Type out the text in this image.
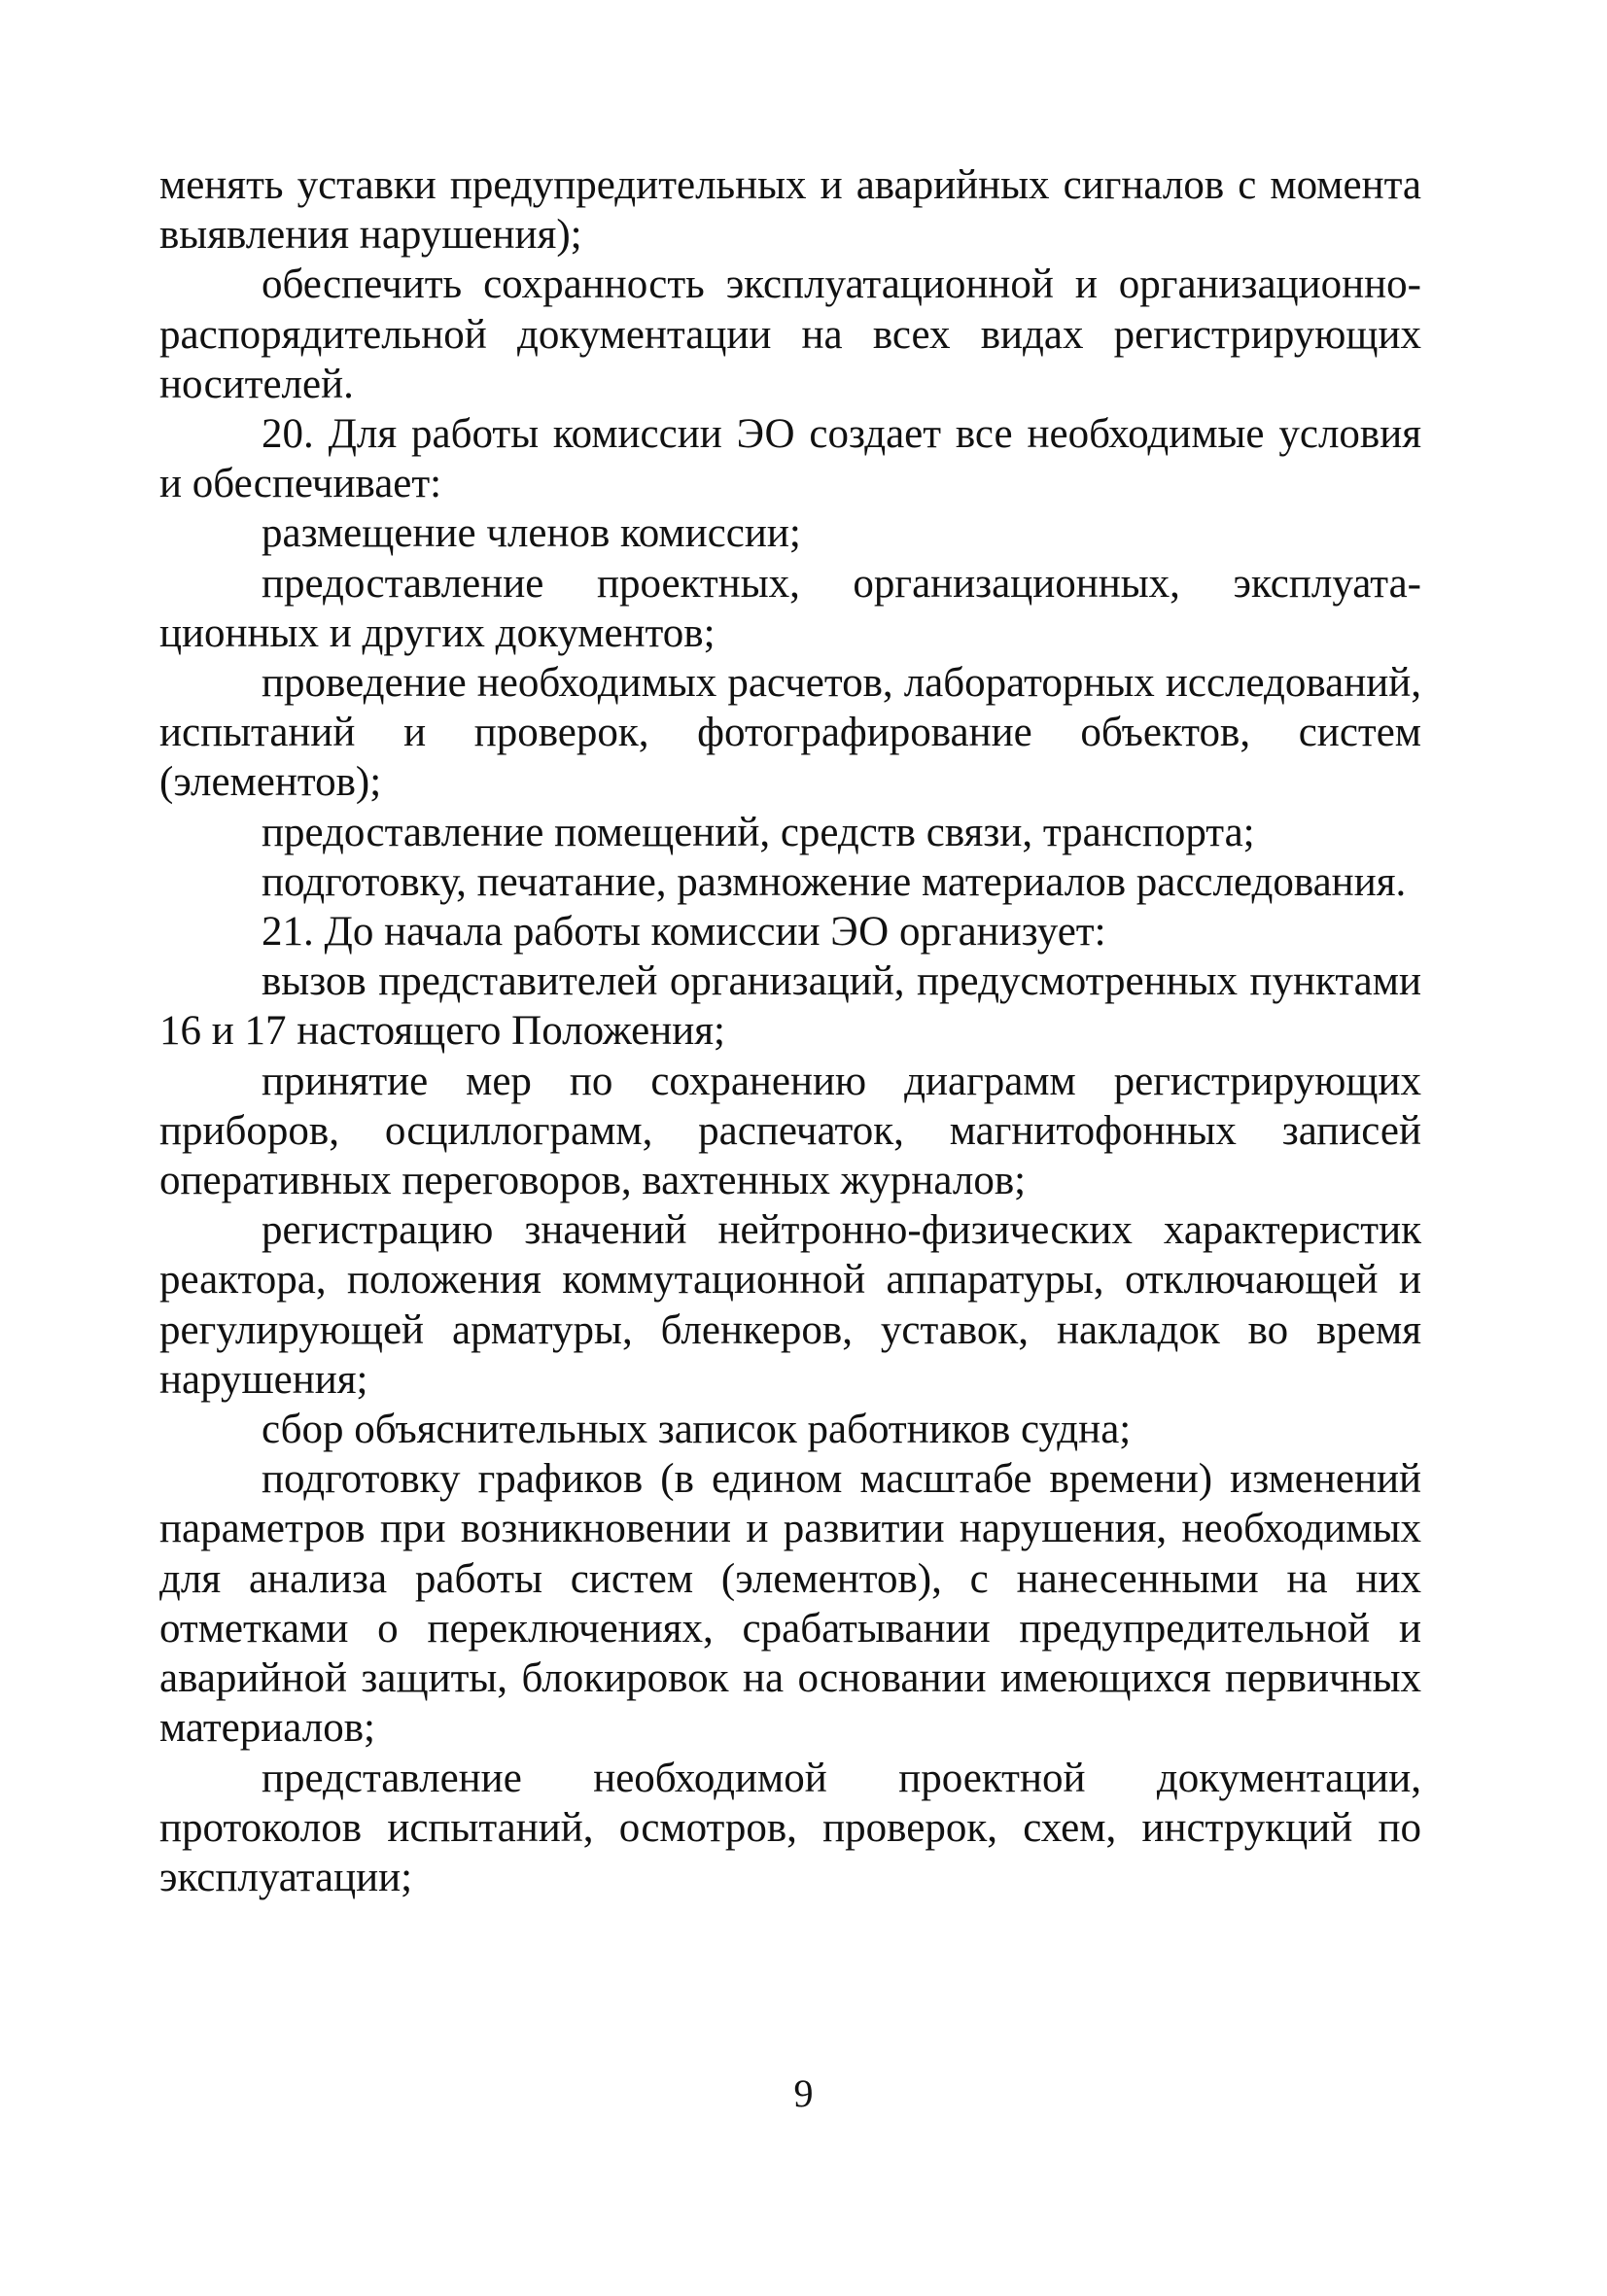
менять уставки предупредительных и аварийных сигналов с момента выявления нарушения);

обеспечить сохранность эксплуатационной и организационно-распорядительной документации на всех видах регистрирующих носителей.

20. Для работы комиссии ЭО создает все необходимые условия и обеспечивает:

размещение членов комиссии;

предоставление проектных, организационных, эксплуатационных и других документов;

проведение необходимых расчетов, лабораторных исследований, испытаний и проверок, фотографирование объектов, систем (элементов);

предоставление помещений, средств связи, транспорта;

подготовку, печатание, размножение материалов расследования.

21. До начала работы комиссии ЭО организует:

вызов представителей организаций, предусмотренных пунктами 16 и 17 настоящего Положения;

принятие мер по сохранению диаграмм регистрирующих приборов, осциллограмм, распечаток, магнитофонных записей оперативных переговоров, вахтенных журналов;

регистрацию значений нейтронно-физических характеристик реактора, положения коммутационной аппаратуры, отключающей и регулирующей арматуры, бленкеров, уставок, накладок во время нарушения;

сбор объяснительных записок работников судна;

подготовку графиков (в едином масштабе времени) изменений параметров при возникновении и развитии нарушения, необходимых для анализа работы систем (элементов), с нанесенными на них отметками о переключениях, срабатывании предупредительной и аварийной защиты, блокировок на основании имеющихся первичных материалов;

представление необходимой проектной документации, протоколов испытаний, осмотров, проверок, схем, инструкций по эксплуатации;

9
